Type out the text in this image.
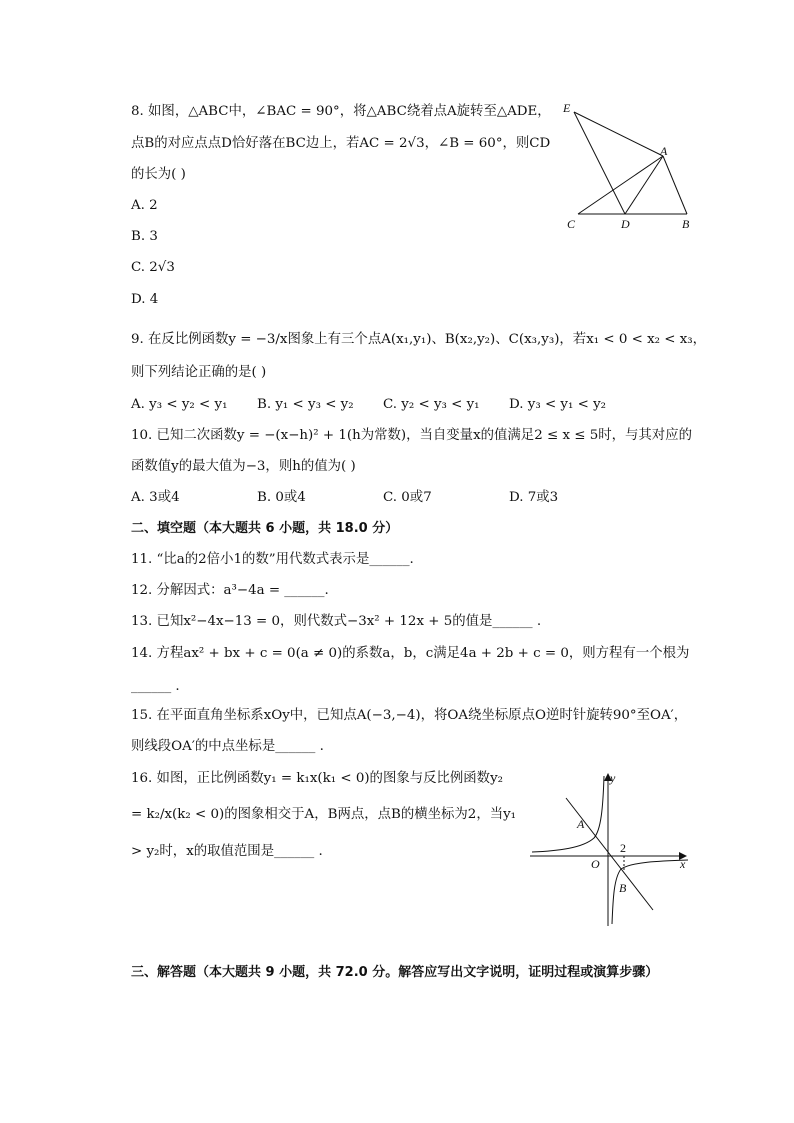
8. 如图，△ABC中，∠BAC = 90°，将△ABC绕着点A旋转至△ADE，
点B的对应点点D恰好落在BC边上，若AC = 2√3，∠B = 60°，则CD
的长为( )
A. 2
B. 3
C. 2√3
D. 4
E
A
C	D	B
9. 在反比例函数y = −3/x图象上有三个点A(x₁,y₁)、B(x₂,y₂)、C(x₃,y₃)，若x₁ < 0 < x₂ < x₃，
则下列结论正确的是( )
A. y₃ < y₂ < y₁ B. y₁ < y₃ < y₂ C. y₂ < y₃ < y₁ D. y₃ < y₁ < y₂
10. 已知二次函数y = −(x−h)² + 1(h为常数)，当自变量x的值满足2 ≤ x ≤ 5时，与其对应的
函数值y的最大值为−3，则h的值为( )
A. 3或4	B. 0或4	C. 0或7	D. 7或3
二、填空题（本大题共 6 小题，共 18.0 分）
11. “比a的2倍小1的数”用代数式表示是______.
12. 分解因式：a³−4a = ______.
13. 已知x²−4x−13 = 0，则代数式−3x² + 12x + 5的值是______ .
14. 方程ax² + bx + c = 0(a ≠ 0)的系数a，b，c满足4a + 2b + c = 0，则方程有一个根为
______ .
15. 在平面直角坐标系xOy中，已知点A(−3,−4)，将OA绕坐标原点O逆时针旋转90°至OA′，
则线段OA′的中点坐标是______ .
16. 如图，正比例函数y₁ = k₁x(k₁ < 0)的图象与反比例函数y₂
= k₂/x(k₂ < 0)的图象相交于A，B两点，点B的横坐标为2，当y₁
> y₂时，x的取值范围是______ .
y
x
O
A
B
2
三、解答题（本大题共 9 小题，共 72.0 分。解答应写出文字说明，证明过程或演算步骤）
